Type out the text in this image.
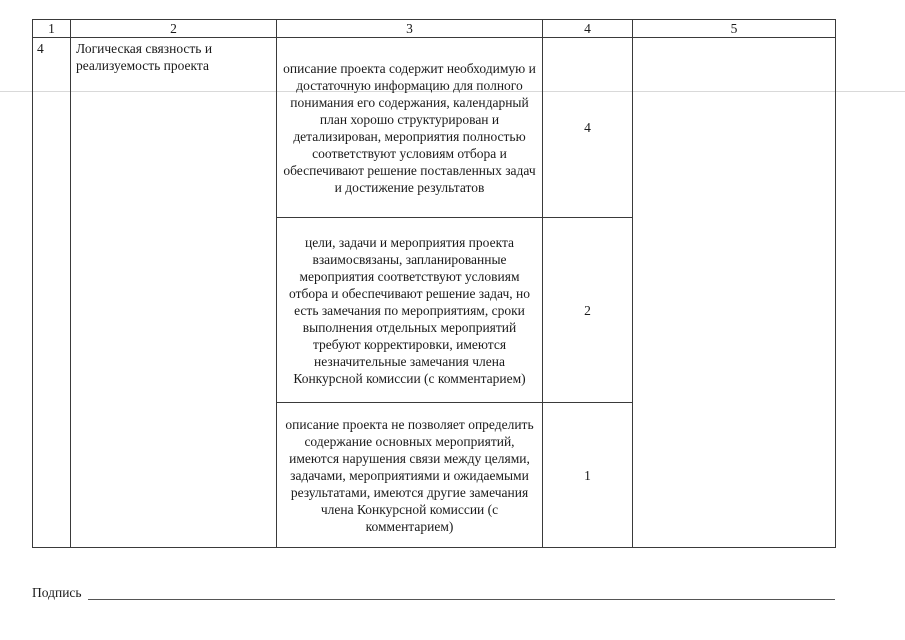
1	2	3	4	5
4	Логическая связность и реализуемость проекта	описание проекта содержит необходимую и достаточную информацию для полного понимания его содержания, календарный план хорошо структурирован и детализирован, мероприятия полностью соответствуют условиям отбора и обеспечивают решение поставленных задач и достижение результатов	4	
		цели, задачи и мероприятия проекта взаимосвязаны, запланированные мероприятия соответствуют условиям отбора и обеспечивают решение задач, но есть замечания по мероприятиям, сроки выполнения отдельных мероприятий требуют корректировки, имеются незначительные замечания члена Конкурсной комиссии (с комментарием)	2	
		описание проекта не позволяет определить содержание основных мероприятий, имеются нарушения связи между целями, задачами, мероприятиями и ожидаемыми результатами, имеются другие замечания члена Конкурсной комиссии (с комментарием)	1	
Подпись
